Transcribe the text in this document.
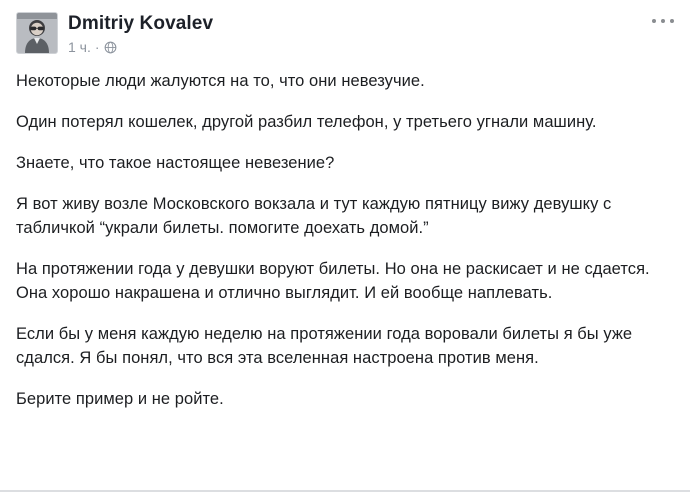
Dmitriy Kovalev
1 ч. ·

Некоторые люди жалуются на то, что они невезучие.

Один потерял кошелек, другой разбил телефон, у третьего угнали машину.

Знаете, что такое настоящее невезение?

Я вот живу возле Московского вокзала и тут каждую пятницу вижу девушку с табличкой “украли билеты. помогите доехать домой.”

На протяжении года у девушки воруют билеты. Но она не раскисает и не сдается. Она хорошо накрашена и отлично выглядит. И ей вообще наплевать.

Если бы у меня каждую неделю на протяжении года воровали билеты я бы уже сдался. Я бы понял, что вся эта вселенная настроена против меня.

Берите пример и не ройте.
